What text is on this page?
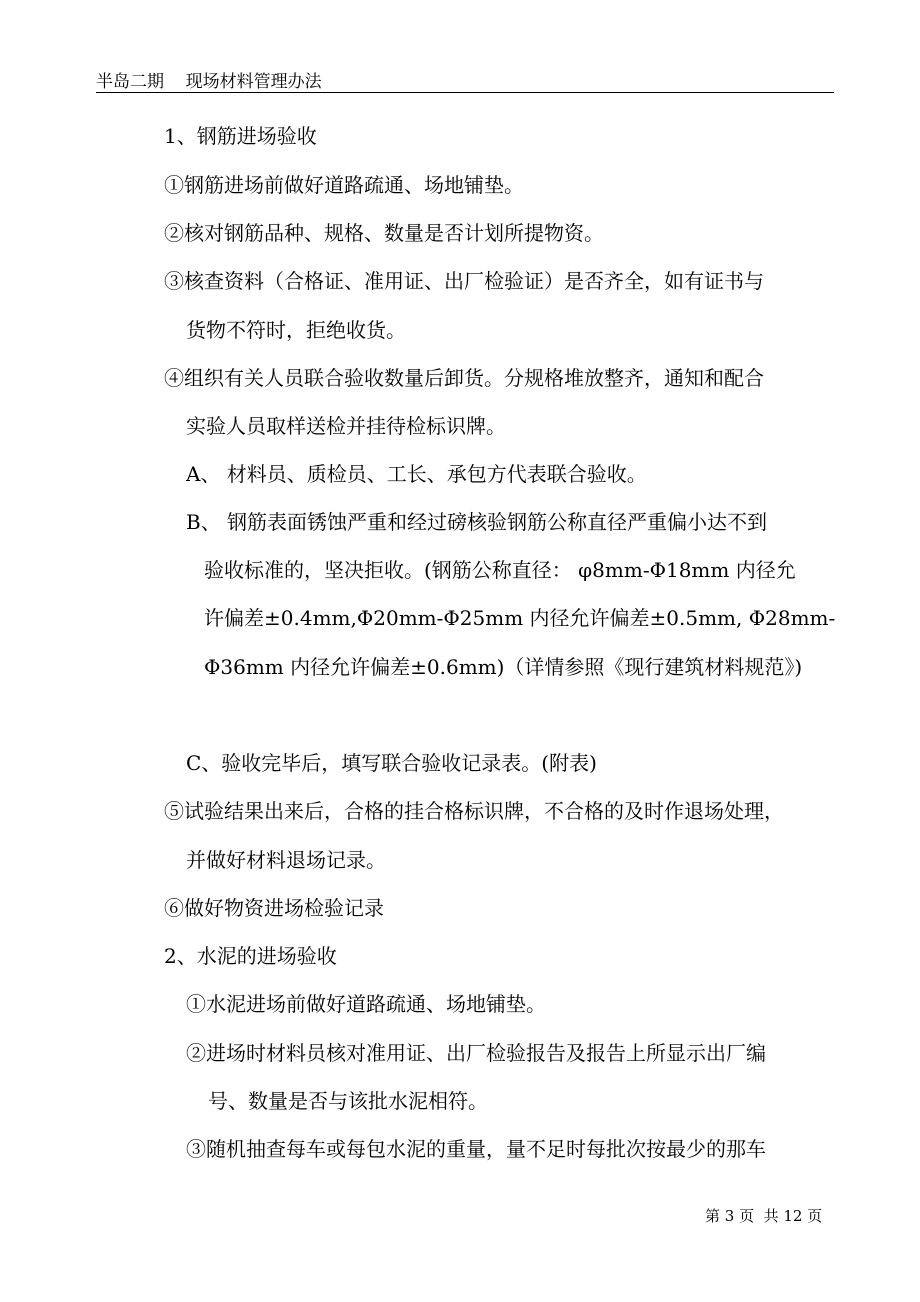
半岛二期    现场材料管理办法
1、钢筋进场验收
①钢筋进场前做好道路疏通、场地铺垫。
②核对钢筋品种、规格、数量是否计划所提物资。
③核查资料（合格证、准用证、出厂检验证）是否齐全，如有证书与
货物不符时，拒绝收货。
④组织有关人员联合验收数量后卸货。分规格堆放整齐，通知和配合
实验人员取样送检并挂待检标识牌。
A、 材料员、质检员、工长、承包方代表联合验收。
B、 钢筋表面锈蚀严重和经过磅核验钢筋公称直径严重偏小达不到
验收标准的，坚决拒收。(钢筋公称直径： φ8mm-Φ18mm 内径允
许偏差±0.4mm,Φ20mm-Φ25mm 内径允许偏差±0.5mm, Φ28mm-
Φ36mm 内径允许偏差±0.6mm)（详情参照《现行建筑材料规范》)
C、验收完毕后，填写联合验收记录表。(附表)
⑤试验结果出来后，合格的挂合格标识牌，不合格的及时作退场处理，
并做好材料退场记录。
⑥做好物资进场检验记录
2、水泥的进场验收
①水泥进场前做好道路疏通、场地铺垫。
②进场时材料员核对准用证、出厂检验报告及报告上所显示出厂编
号、数量是否与该批水泥相符。
③随机抽查每车或每包水泥的重量，量不足时每批次按最少的那车
第 3 页  共 12 页
